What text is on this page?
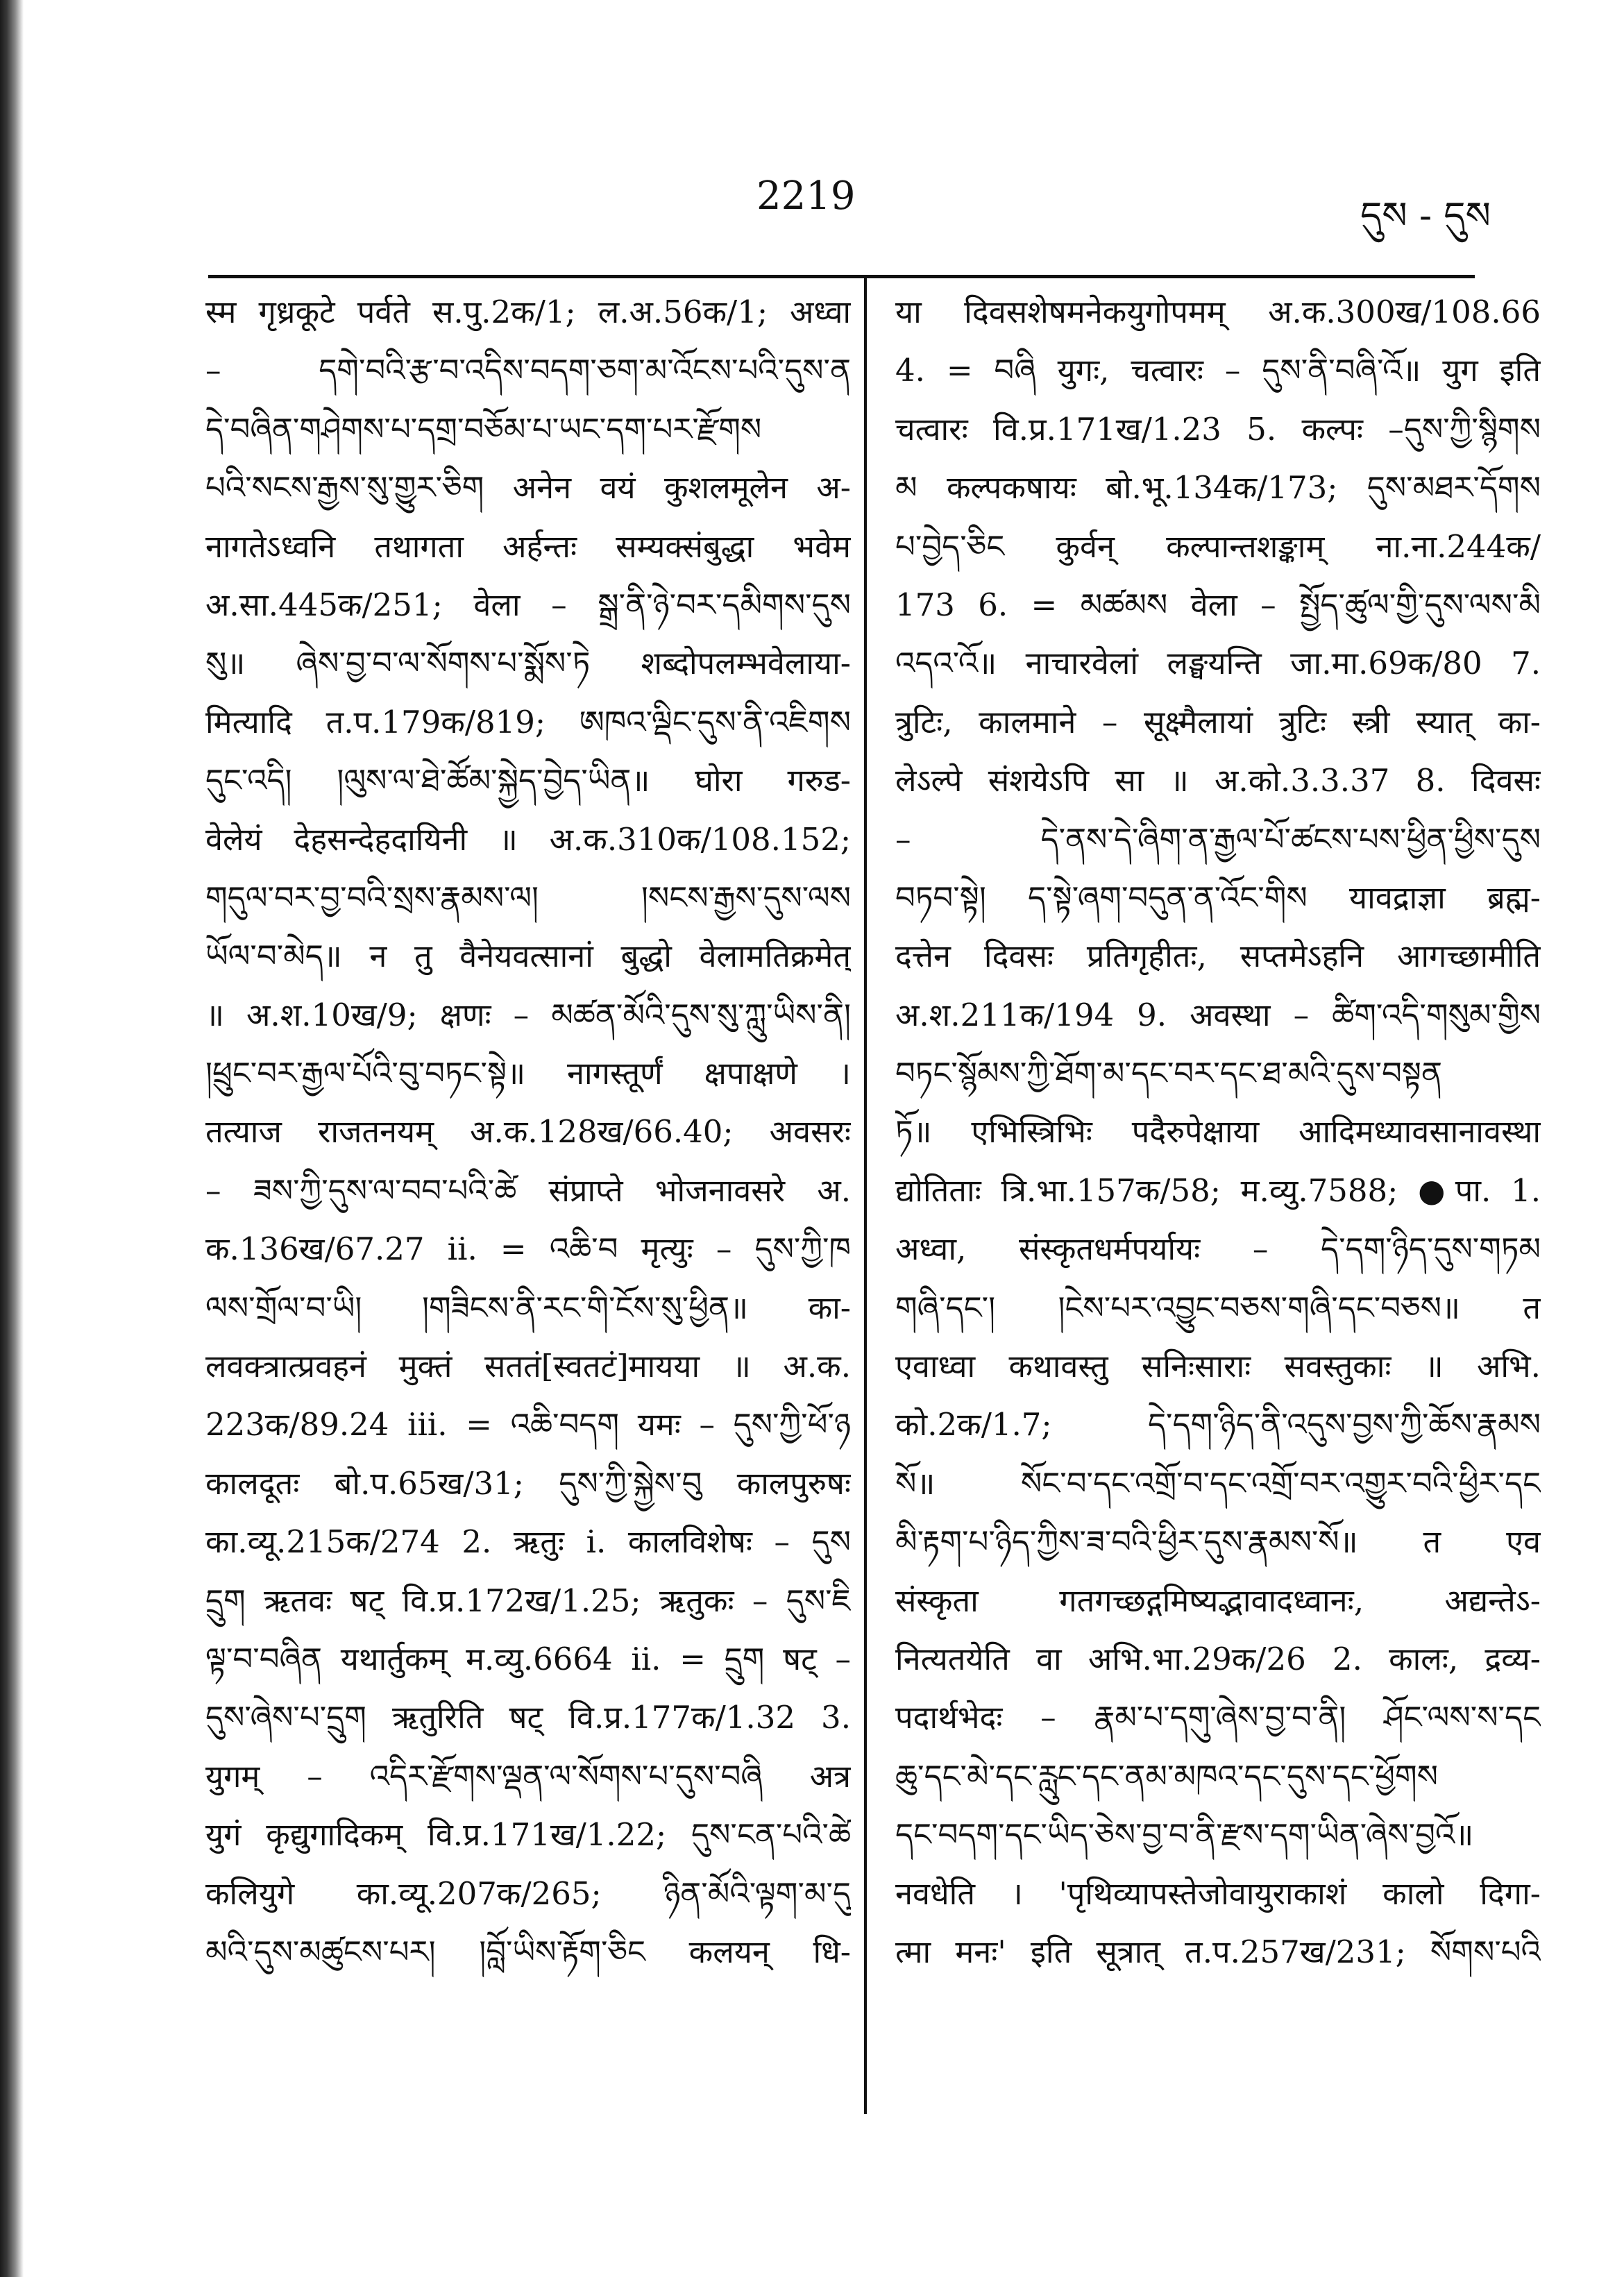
2219	དུས - དུས
स्म गृध्रकूटे पर्वते स.पु.2क/1; ल.अ.56क/1; अध्वा
– དགེ་བའི་རྩ་བ་འདིས་བདག་ཅག་མ་འོངས་པའི་དུས་ན
དེ་བཞིན་གཤེགས་པ་དགྲ་བཅོམ་པ་ཡང་དག་པར་རྫོགས
པའི་སངས་རྒྱས་སུ་གྱུར་ཅིག अनेन वयं कुशलमूलेन अ-
नागतेऽध्वनि तथागता अर्हन्तः सम्यक्संबुद्धा भवेम
अ.सा.445क/251; वेला – སྒྲ་ནི་ཉེ་བར་དམིགས་དུས
སུ॥ ཞེས་བྱ་བ་ལ་སོགས་པ་སྨོས་ཏེ शब्दोपलम्भवेलाया-
मित्यादि त.प.179क/819; ཨཁའ་ལྡིང་དུས་ནི་འཇིགས
དུང་འདི། །ལུས་ལ་ཐེ་ཚོམ་སྐྱེད་བྱེད་ཡིན॥ घोरा गरुड-
वेलेयं देहसन्देहदायिनी ॥ अ.क.310क/108.152;
གདུལ་བར་བྱ་བའི་སྲས་རྣམས་ལ། །སངས་རྒྱས་དུས་ལས
ཡོལ་བ་མེད॥ न तु वैनेयवत्सानां बुद्धो वेलामतिक्रमेत्
॥ अ.श.10ख/9; क्षणः – མཚན་མོའི་དུས་སུ་ཀླུ་ཡིས་ནི།
།ཕྲུང་བར་རྒྱལ་པོའི་བུ་བཏང་སྟེ॥ नागस्तूर्णं क्षपाक्षणे ।
तत्याज राजतनयम् अ.क.128ख/66.40; अवसरः
– ཟས་ཀྱི་དུས་ལ་བབ་པའི་ཚེ संप्राप्ते भोजनावसरे अ.
क.136ख/67.27 ii. = འཆི་བ मृत्युः – དུས་ཀྱི་ཁ
ལས་གྲོལ་བ་ཡི། །གཟིངས་ནི་རང་གི་ངོས་སུ་ཕྱིན॥ का-
लवक्त्रात्प्रवहनं मुक्तं सततं[स्वतटं]मायया ॥ अ.क.
223क/89.24 iii. = འཆི་བདག यमः – དུས་ཀྱི་ཕོ་ཉ
कालदूतः बो.प.65ख/31; དུས་ཀྱི་སྐྱེས་བུ कालपुरुषः
का.व्यू.215क/274 2. ऋतुः i. कालविशेषः – དུས
དྲུག ऋतवः षट् वि.प्र.172ख/1.25; ऋतुकः – དུས་ཇི
ལྟ་བ་བཞིན यथार्तुकम् म.व्यु.6664 ii. = དྲུག षट् –
དུས་ཞེས་པ་དྲུག ऋतुरिति षट् वि.प्र.177क/1.32 3.
युगम् – འདིར་རྫོགས་ལྡན་ལ་སོགས་པ་དུས་བཞི अत्र
युगं कृद्युगादिकम् वि.प्र.171ख/1.22; དུས་ངན་པའི་ཚེ
कलियुगे का.व्यू.207क/265; ཉིན་མོའི་ལྟག་མ་དུ
མའི་དུས་མཚུངས་པར། །བློ་ཡིས་རྟོག་ཅིང कलयन् धि-
या दिवसशेषमनेकयुगोपमम् अ.क.300ख/108.66
4. = བཞི युगः, चत्वारः – དུས་ནི་བཞི་འོ॥ युग इति
चत्वारः वि.प्र.171ख/1.23 5. कल्पः –དུས་ཀྱི་སྙིགས
མ कल्पकषायः बो.भू.134क/173; དུས་མཐར་དོགས
པ་བྱེད་ཅིང कुर्वन् कल्पान्तशङ्काम् ना.ना.244क/
173 6. = མཚམས वेला – སྤྱོད་ཚུལ་གྱི་དུས་ལས་མི
འདའ་འོ॥ नाचारवेलां लङ्घयन्ति जा.मा.69क/80 7.
त्रुटिः, कालमाने – सूक्ष्मैलायां त्रुटिः स्त्री स्यात् का-
लेऽल्पे संशयेऽपि सा ॥ अ.को.3.3.37 8. दिवसः
– དེ་ནས་དེ་ཞིག་ན་རྒྱལ་པོ་ཚངས་པས་ཕྱིན་ཕྱིས་དུས
བཏབ་སྟེ། ད་སྟེ་ཞག་བདུན་ན་འོང་གིས यावद्राज्ञा ब्रह्म-
दत्तेन दिवसः प्रतिगृहीतः, सप्तमेऽहनि आगच्छामीति
अ.श.211क/194 9. अवस्था – ཚིག་འདི་གསུམ་གྱིས
བཏང་སྙོམས་ཀྱི་ཐོག་མ་དང་བར་དང་ཐ་མའི་དུས་བསྟན
ཏོ॥ एभिस्त्रिभिः पदैरुपेक्षाया आदिमध्यावसानावस्था
द्योतिताः त्रि.भा.157क/58; म.व्यु.7588; ●पा. 1.
अध्वा, संस्कृतधर्मपर्यायः – དེ་དག་ཉིད་དུས་གཏམ
གཞི་དང་། །ངེས་པར་འབྱུང་བཅས་གཞི་དང་བཅས॥ त
एवाध्वा कथावस्तु सनिःसाराः सवस्तुकाः ॥ अभि.
को.2क/1.7; དེ་དག་ཉིད་ནི་འདུས་བྱས་ཀྱི་ཆོས་རྣམས
སོ॥ སོང་བ་དང་འགྲོ་བ་དང་འགྲོ་བར་འགྱུར་བའི་ཕྱིར་དང
མི་རྟག་པ་ཉིད་ཀྱིས་ཟ་བའི་ཕྱིར་དུས་རྣམས་སོ॥ त एव
संस्कृता गतगच्छद्गमिष्यद्भावादध्वानः, अद्यन्तेऽ-
नित्यतयेति वा अभि.भा.29क/26 2. कालः, द्रव्य-
पदार्थभेदः – རྣམ་པ་དགུ་ཞེས་བྱ་བ་ནི། ཤོང་ལས་ས་དང
ཆུ་དང་མེ་དང་རླུང་དང་ནམ་མཁའ་དང་དུས་དང་ཕྱོགས
དང་བདག་དང་ཡིད་ཅེས་བྱ་བ་ནི་རྫས་དག་ཡིན་ཞེས་བྱའོ॥
नवधेति । 'पृथिव्यापस्तेजोवायुराकाशं कालो दिगा-
त्मा मनः' इति सूत्रात् त.प.257ख/231; སོགས་པའི
